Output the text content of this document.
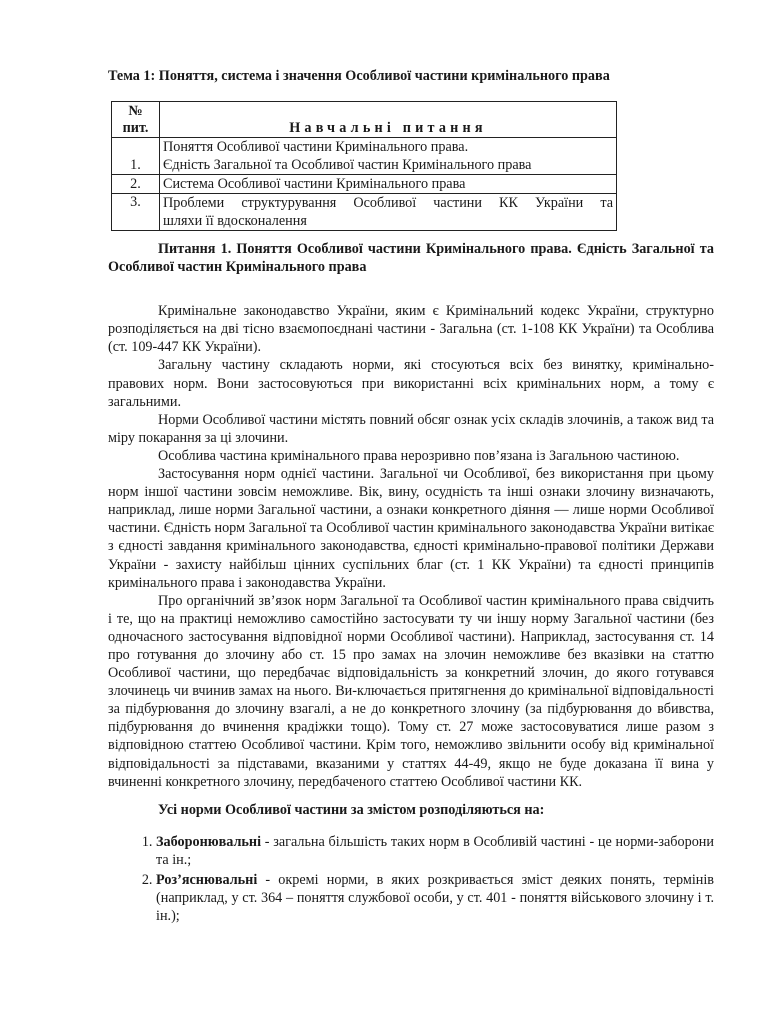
Тема 1: Поняття, система і значення Особливої частини кримінального права
№ пит.	Навчальні питання
1.	Поняття Особливої частини Кримінального права.
Єдність Загальної та Особливої частин Кримінального права

2.	Система Особливої частини Кримінального права

3.	Проблеми структурування Особливої частини КК України та
шляхи її вдосконалення

Питання 1. Поняття Особливої частини Кримінального права. Єдність Загальної та Особливої частин Кримінального права

Кримінальне законодавство України, яким є Кримінальний кодекс України, структурно розподіляється на дві тісно взаємопоєднані частини - Загальна (ст. 1-108 КК України) та Особлива (ст. 109-447 КК України).

Загальну частину складають норми, які стосуються всіх без винятку, кримінально-правових норм. Вони застосовуються при використанні всіх кримінальних норм, а тому є загальними.

Норми Особливої частини містять повний обсяг ознак усіх складів злочинів, а також вид та міру покарання за ці злочини.

Особлива частина кримінального права нерозривно пов’язана із Загальною частиною.

Застосування норм однієї частини. Загальної чи Особливої, без використання при цьому норм іншої частини зовсім неможливе. Вік, вину, осудність та інші ознаки злочину визначають, наприклад, лише норми Загальної частини, а ознаки конкретного діяння — лише норми Особливої частини. Єдність норм Загальної та Особливої частин кримінального законодавства України витікає з єдності завдання кримінального законодавства, єдності кримінально-правової політики Держави України - захисту найбільш цінних суспільних благ (ст. 1 КК України) та єдності принципів кримінального права і законодавства України.

Про органічний зв’язок норм Загальної та Особливої частин кримінального права свідчить і те, що на практиці неможливо самостійно застосувати ту чи іншу норму Загальної частини (без одночасного застосування відповідної норми Особливої частини). Наприклад, застосування ст. 14 про готування до злочину або ст. 15 про замах на злочин неможливе без вказівки на статтю Особливої частини, що передбачає відповідальність за конкретний злочин, до якого готувався злочинець чи вчинив замах на нього. Ви-ключається притягнення до кримінальної відповідальності за підбурювання до злочину взагалі, а не до конкретного злочину (за підбурювання до вбивства, підбурювання до вчинення крадіжки тощо). Тому ст. 27 може застосовуватися лише разом з відповідною статтею Особливої частини. Крім того, неможливо звільнити особу від кримінальної відповідальності за підставами, вказаними у статтях 44-49, якщо не буде доказана її вина у вчиненні конкретного злочину, передбаченого статтею Особливої частини КК.

Усі норми Особливої частини за змістом розподіляються на:

1. Заборонювальні - загальна більшість таких норм в Особливій частині - це норми-заборони та ін.;
2. Роз’яснювальні - окремі норми, в яких розкривається зміст деяких понять, термінів (наприклад, у ст. 364 – поняття службової особи, у ст. 401 - поняття військового злочину і т. ін.);
